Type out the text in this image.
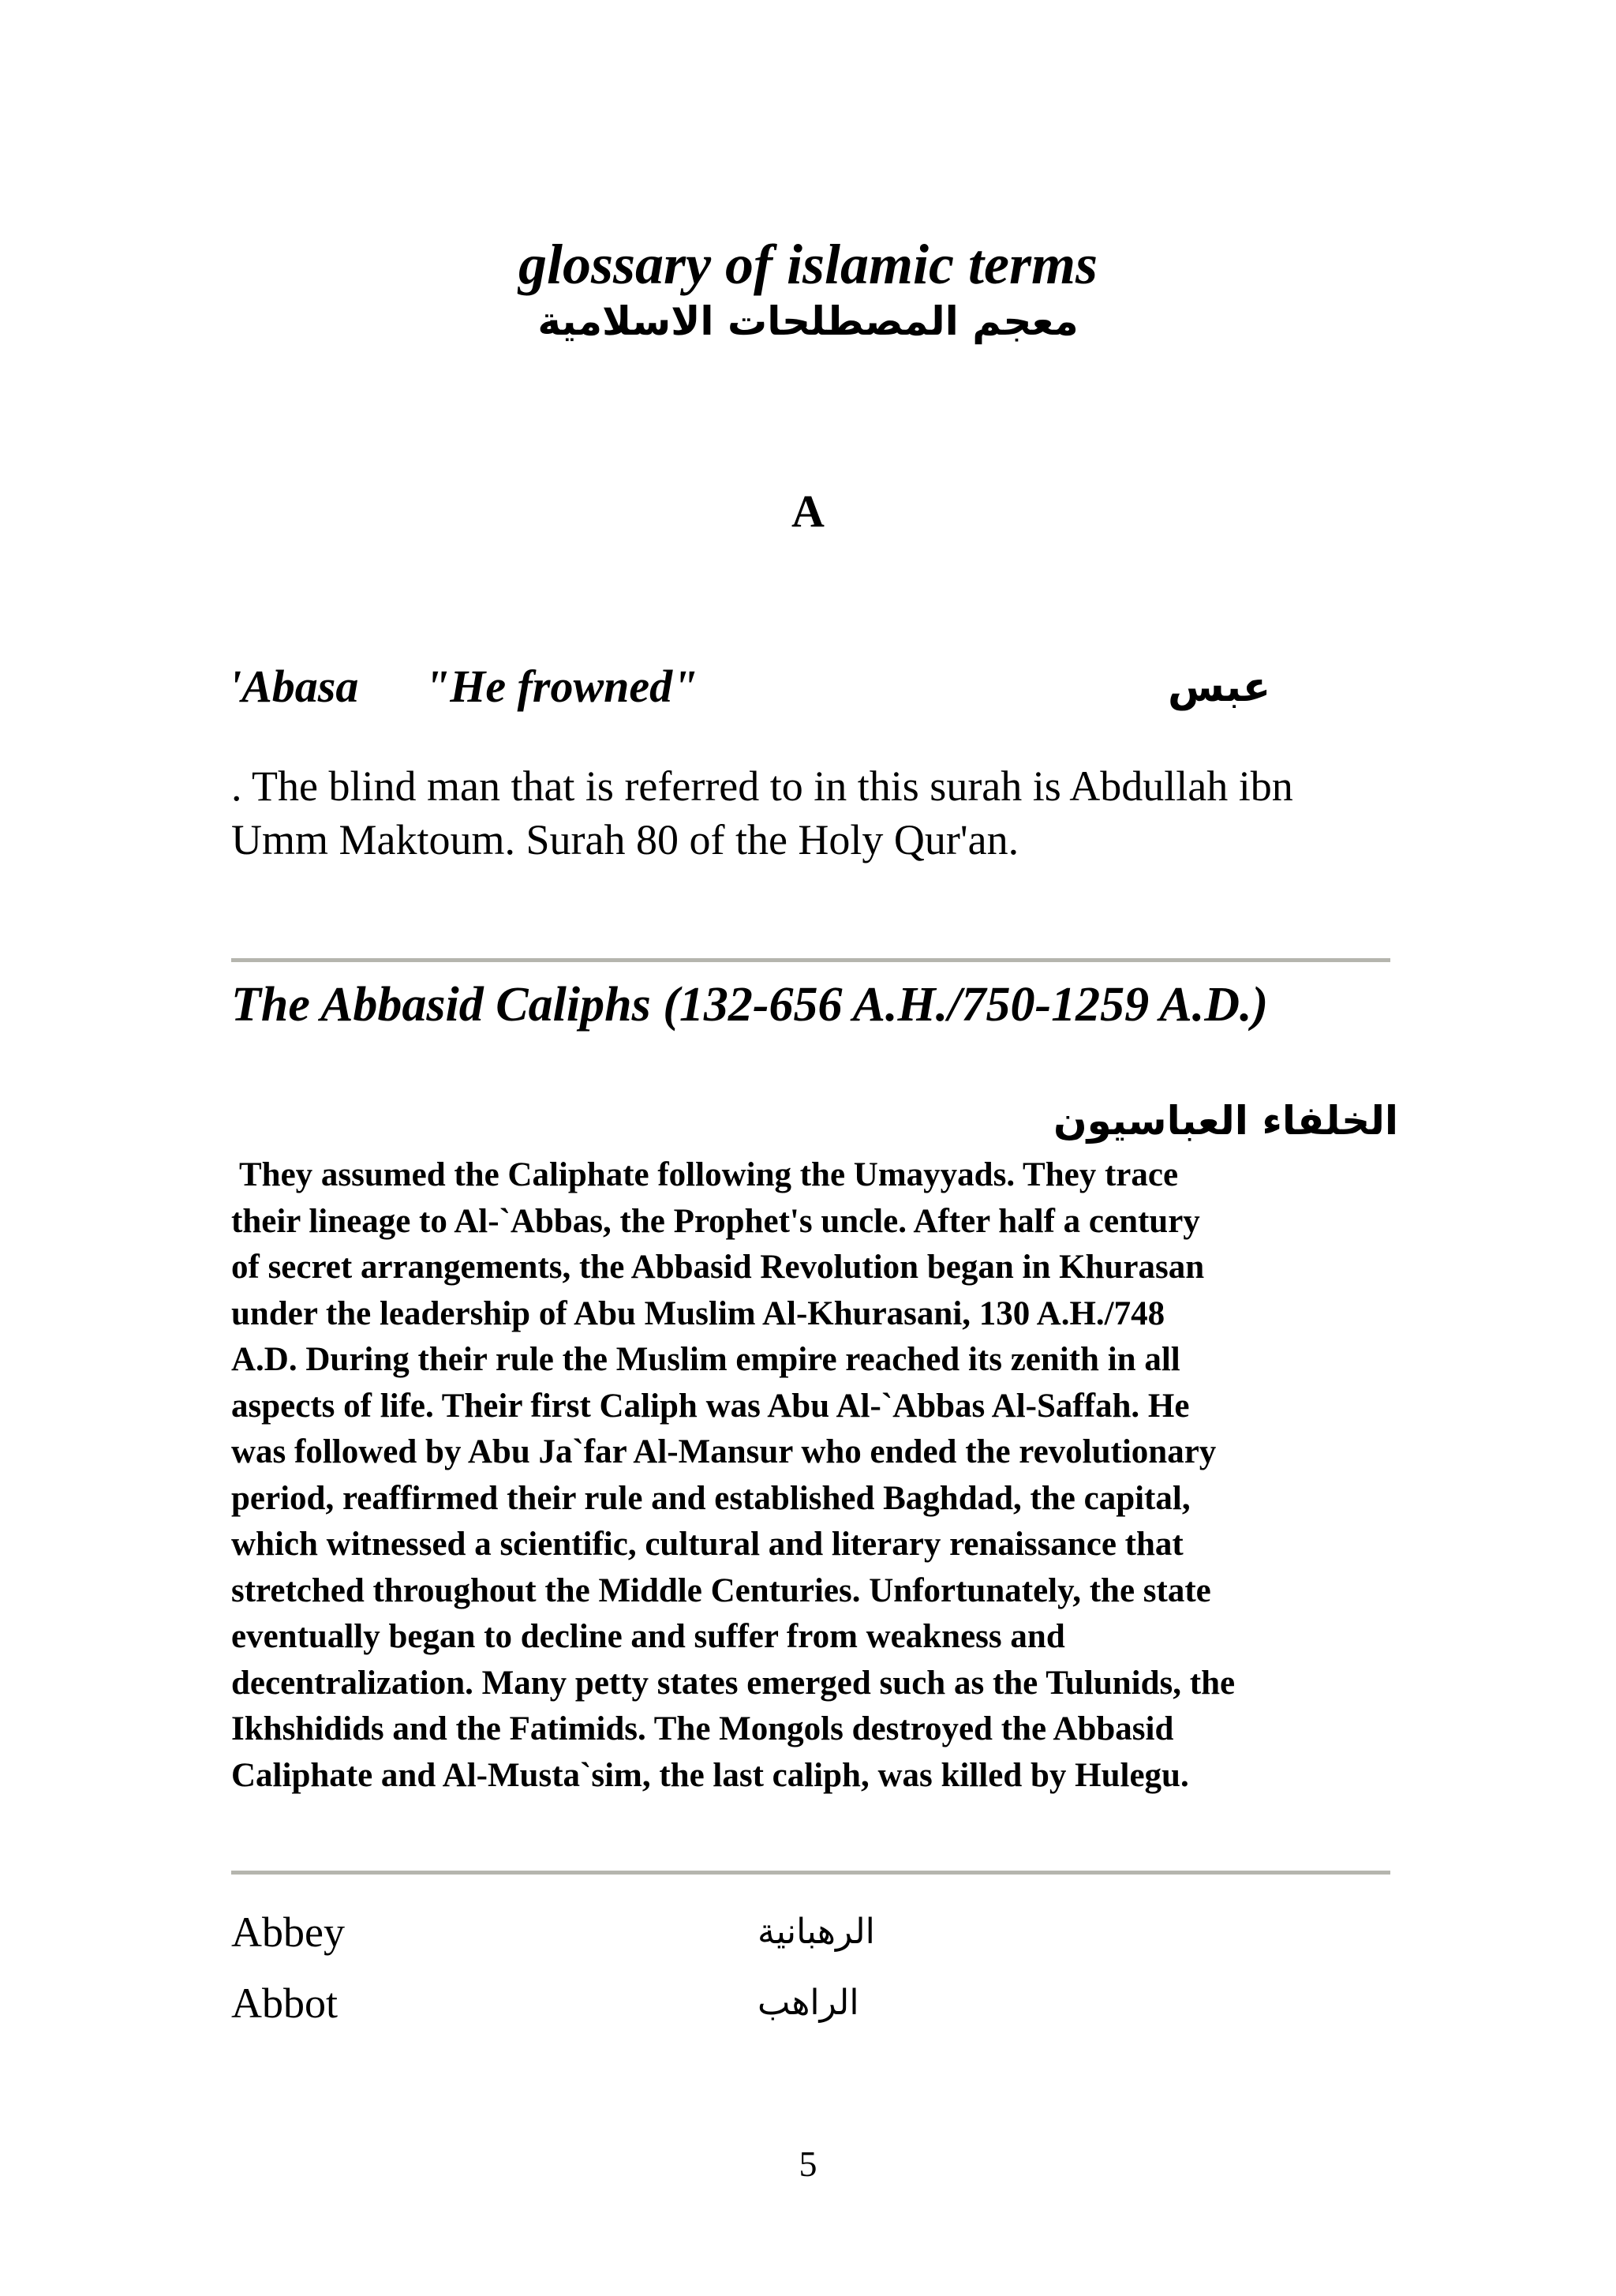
glossary of islamic terms
معجم المصطلحات الاسلامية
A
'Abasa "He frowned"	عبس
. The blind man that is referred to in this surah is Abdullah ibn Umm Maktoum. Surah 80 of the Holy Qur'an.
The Abbasid Caliphs (132-656 A.H./750-1259 A.D.)
الخلفاء العباسيون
They assumed the Caliphate following the Umayyads. They trace
their lineage to Al-`Abbas, the Prophet's uncle. After half a century
of secret arrangements, the Abbasid Revolution began in Khurasan
under the leadership of Abu Muslim Al-Khurasani, 130 A.H./748
A.D. During their rule the Muslim empire reached its zenith in all
aspects of life. Their first Caliph was Abu Al-`Abbas Al-Saffah. He
was followed by Abu Ja`far Al-Mansur who ended the revolutionary
period, reaffirmed their rule and established Baghdad, the capital,
which witnessed a scientific, cultural and literary renaissance that
stretched throughout the Middle Centuries. Unfortunately, the state
eventually began to decline and suffer from weakness and
decentralization. Many petty states emerged such as the Tulunids, the
Ikhshidids and the Fatimids. The Mongols destroyed the Abbasid
Caliphate and Al-Musta`sim, the last caliph, was killed by Hulegu.
Abbey	الرهبانية
Abbot	الراهب
5
